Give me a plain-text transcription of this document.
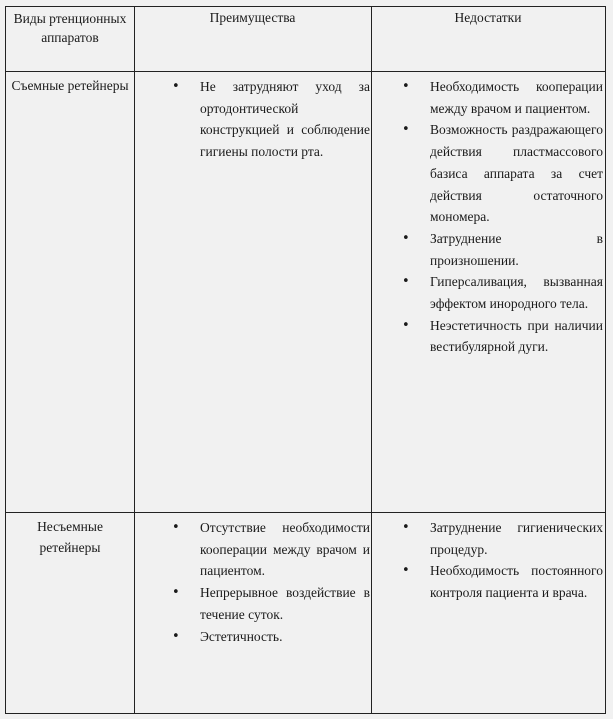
Виды ртенционных аппаратов
Преимущества	Недостатки
Съемные ретейнеры
•	Не затрудняют уход за ортодонтической конструкцией и соблюдение гигиены полости рта.
• Необходимость кооперации между врачом и пациентом.
• Возможность раздражающего действия пластмассового базиса аппарата за счет действия остаточного мономера.
• Затруднение в произношении.
• Гиперсаливация, вызванная эффектом инородного тела.
• Неэстетичность при наличии вестибулярной дуги.
Несъемные ретейнеры
• Отсутствие необходимости кооперации между врачом и пациентом.
• Непрерывное воздействие в течение суток.
• Эстетичность.
• Затруднение гигиенических процедур.
• Необходимость постоянного контроля пациента и врача.
